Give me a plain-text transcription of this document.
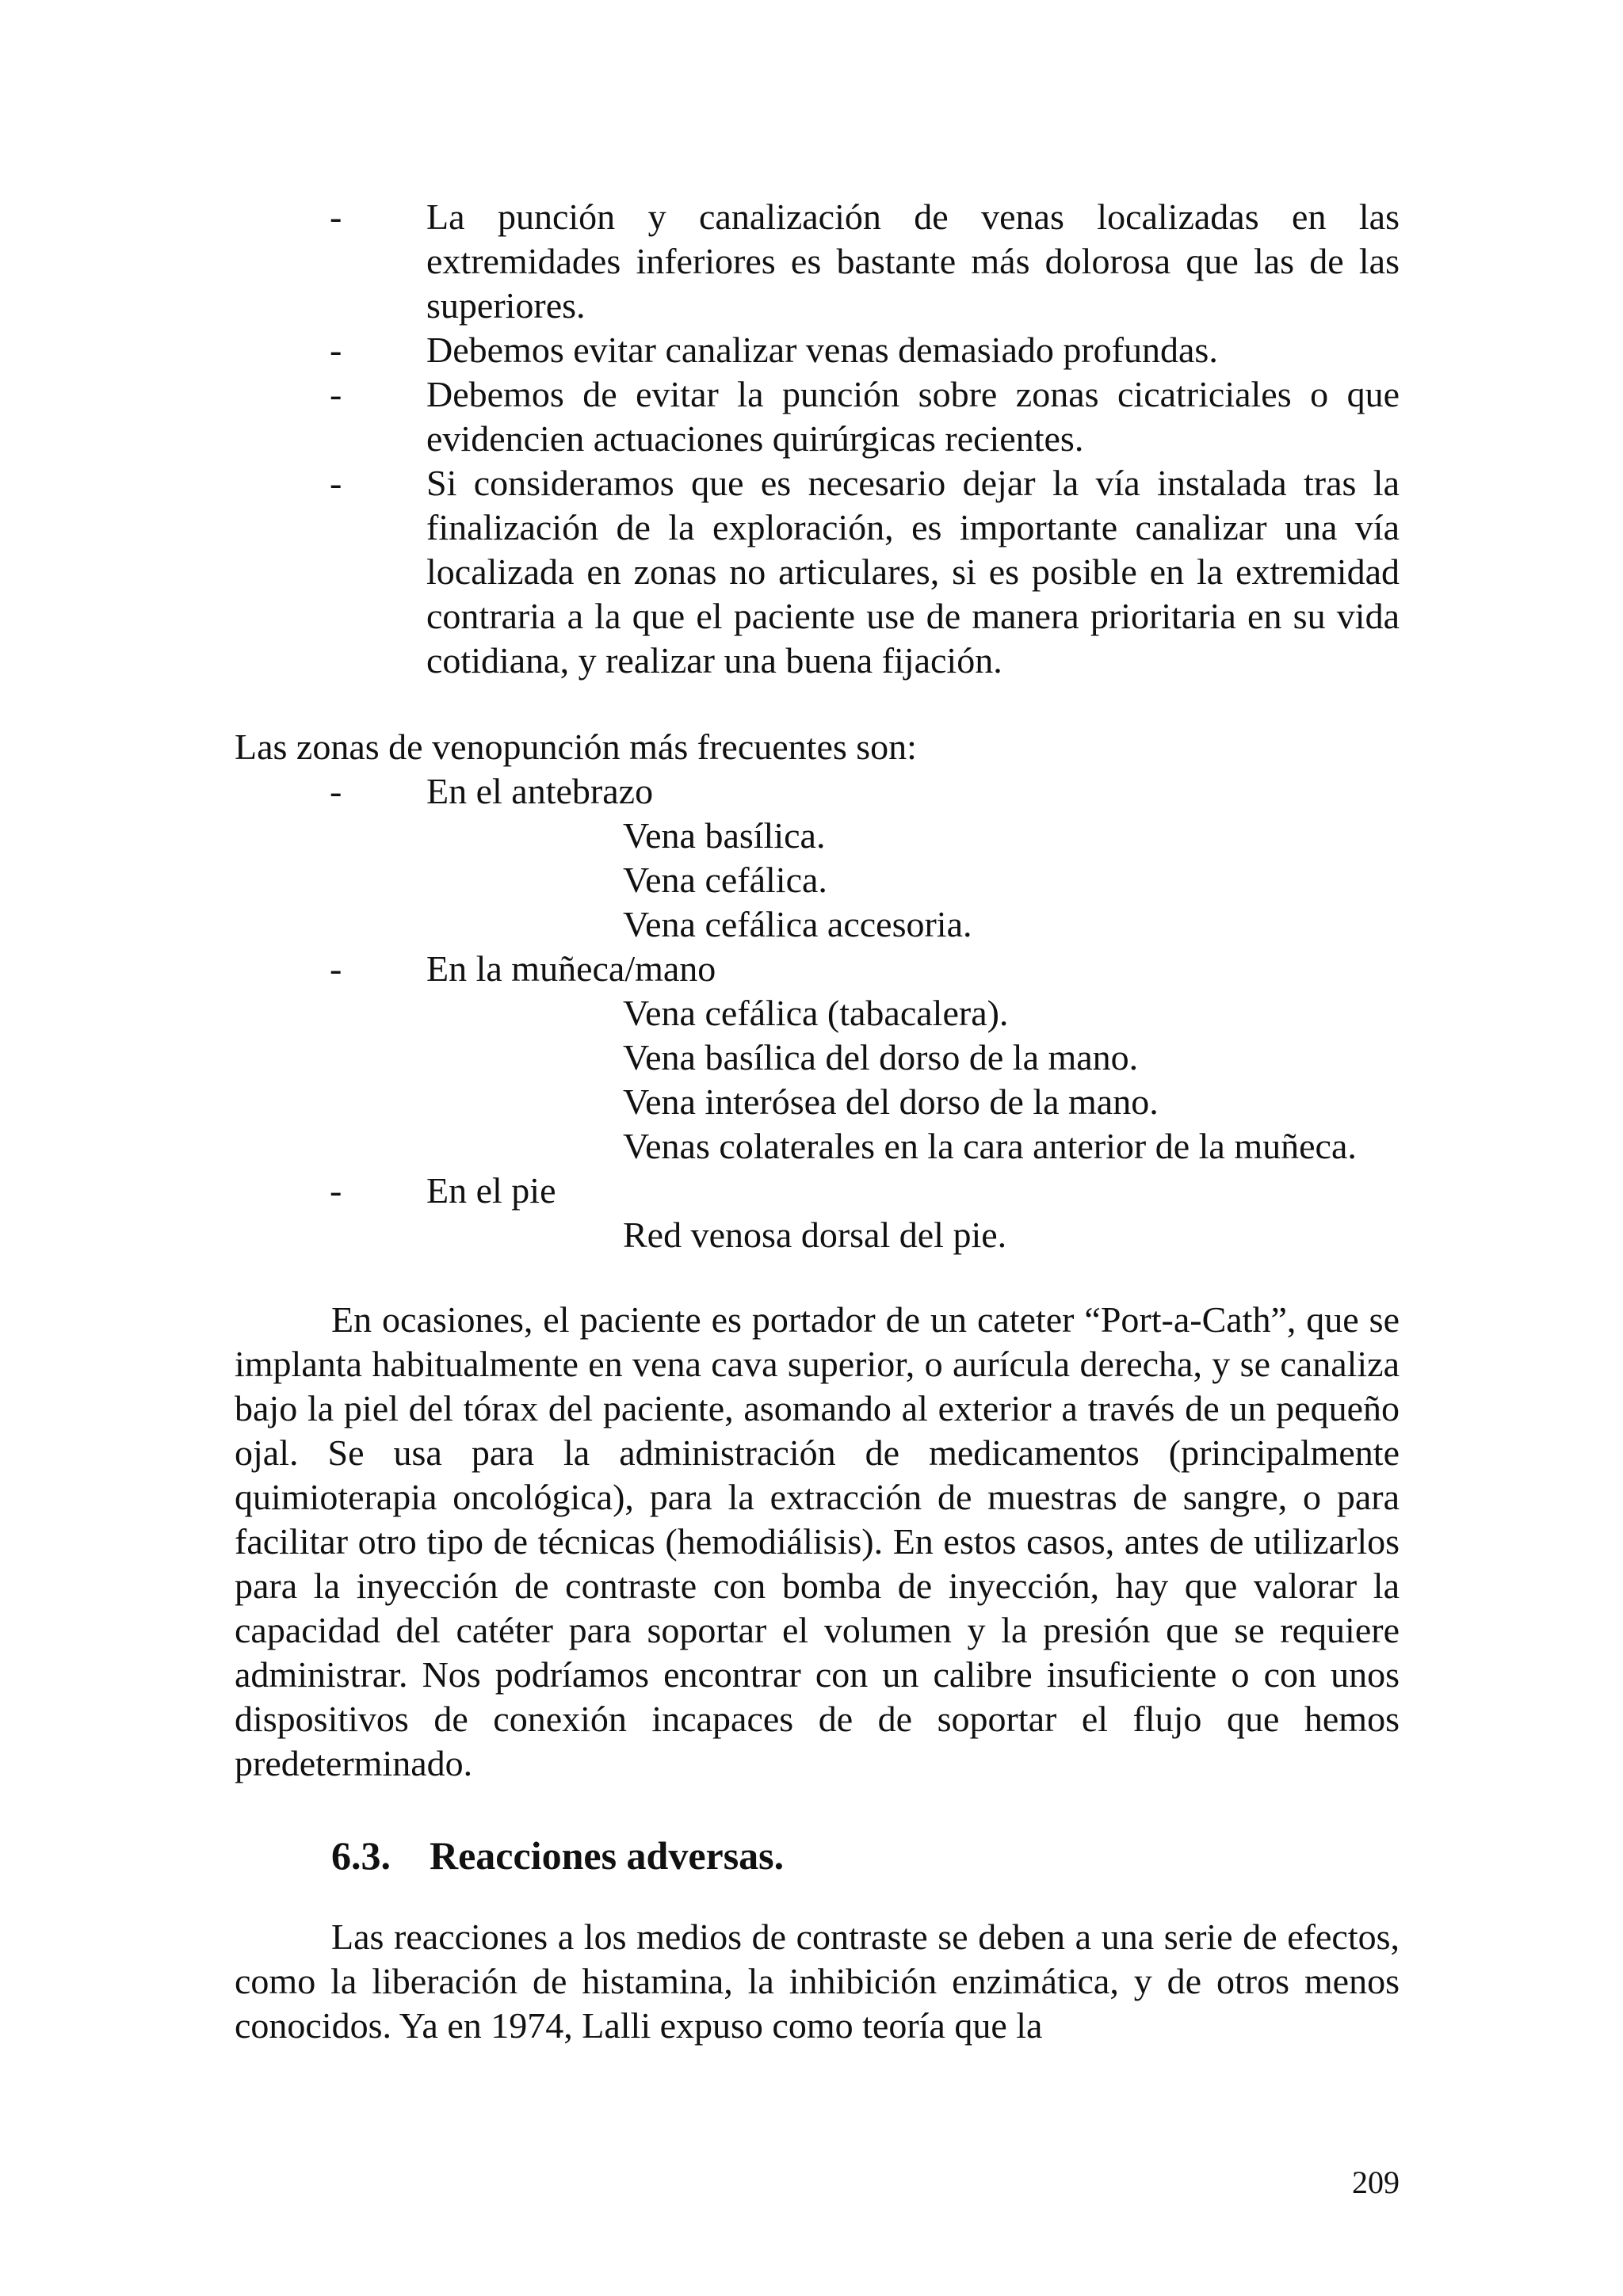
-	La punción y canalización de venas localizadas en las extremidades inferiores es bastante más dolorosa que las de las superiores.
-	Debemos evitar canalizar venas demasiado profundas.
-	Debemos de evitar la punción sobre zonas cicatriciales o que evidencien actuaciones quirúrgicas recientes.
-	Si consideramos que es necesario dejar la vía instalada tras la finalización de la exploración, es importante canalizar una vía localizada en zonas no articulares, si es posible en la extremidad contraria a la que el paciente use de manera prioritaria en su vida cotidiana, y realizar una buena fijación.

Las zonas de venopunción más frecuentes son:

-	En el antebrazo
Vena basílica.
Vena cefálica.
Vena cefálica accesoria.
-	En la muñeca/mano
Vena cefálica (tabacalera).
Vena basílica del dorso de la mano.
Vena interósea del dorso de la mano.
Venas colaterales en la cara anterior de la muñeca.
-	En el pie
Red venosa dorsal del pie.

En ocasiones, el paciente es portador de un cateter “Port-a-Cath”, que se implanta habitualmente en vena cava superior, o aurícula derecha, y se canaliza bajo la piel del tórax del paciente, asomando al exterior a través de un pequeño ojal. Se usa para la administración de medicamentos (principalmente quimioterapia oncológica), para la extracción de muestras de sangre, o para facilitar otro tipo de técnicas (hemodiálisis). En estos casos, antes de utilizarlos para la inyección de contraste con bomba de inyección, hay que valorar la capacidad del catéter para soportar el volumen y la presión que se requiere administrar. Nos podríamos encontrar con un calibre insuficiente o con unos dispositivos de conexión incapaces de de soportar el flujo que hemos predeterminado.

6.3. Reacciones adversas.

Las reacciones a los medios de contraste se deben a una serie de efectos, como la liberación de histamina, la inhibición enzimática, y de otros menos conocidos. Ya en 1974, Lalli expuso como teoría que la

209
